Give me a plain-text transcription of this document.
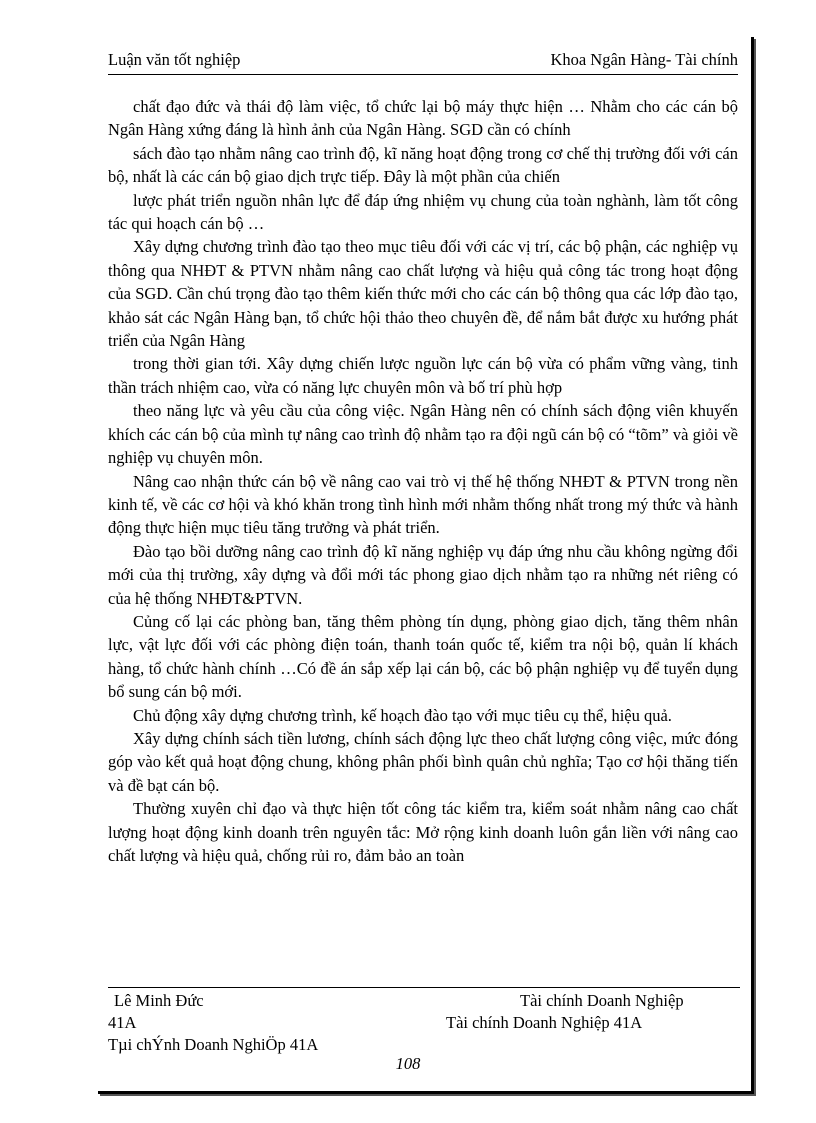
Luận văn tốt nghiệp	Khoa Ngân Hàng- Tài chính

chất đạo đức và thái độ làm việc, tổ chức lại bộ máy thực hiện … Nhằm cho các cán bộ Ngân Hàng xứng đáng là hình ảnh của Ngân Hàng. SGD cần có chính

sách đào tạo nhằm nâng cao trình độ, kĩ năng hoạt động trong cơ chế thị trường đối với cán bộ, nhất là các cán bộ giao dịch trực tiếp. Đây là một phần của chiến

lược phát triển nguồn nhân lực để đáp ứng nhiệm vụ chung của toàn nghành, làm tốt công tác qui hoạch cán bộ …

Xây dựng chương trình đào tạo theo mục tiêu đối với các vị trí, các bộ phận, các nghiệp vụ thông qua NHĐT & PTVN nhằm nâng cao chất lượng và hiệu quả công tác trong hoạt động của SGD. Cần chú trọng đào tạo thêm kiến thức mới cho các cán bộ thông qua các lớp đào tạo, khảo sát các Ngân Hàng bạn, tổ chức hội thảo theo chuyên đề, để nắm bắt được xu hướng phát triển của Ngân Hàng

trong thời gian tới. Xây dựng chiến lược nguồn lực cán bộ vừa có phẩm vững vàng, tinh thần trách nhiệm cao, vừa có năng lực chuyên môn và bố trí phù hợp

theo năng lực và yêu cầu của công việc. Ngân Hàng nên có chính sách động viên khuyến khích các cán bộ của mình tự nâng cao trình độ nhằm tạo ra đội ngũ cán bộ có “tõm” và giỏi về nghiệp vụ chuyên môn.

Nâng cao nhận thức cán bộ về nâng cao vai trò vị thế hệ thống NHĐT & PTVN trong nền kinh tế, về các cơ hội và khó khăn trong tình hình mới nhằm thống nhất trong mý thức và hành động thực hiện mục tiêu tăng trưởng và phát triển.

Đào tạo bồi dưỡng nâng cao trình độ kĩ năng nghiệp vụ đáp ứng nhu cầu không ngừng đổi mới của thị trường, xây dựng và đổi mới tác phong giao dịch nhằm tạo ra những nét riêng có của hệ thống NHĐT&PTVN.

Củng cố lại các phòng ban, tăng thêm phòng tín dụng, phòng giao dịch, tăng thêm nhân lực, vật lực đối với các phòng điện toán, thanh toán quốc tế, kiểm tra nội bộ, quản lí khách hàng, tổ chức hành chính …Có đề án sắp xếp lại cán bộ, các bộ phận nghiệp vụ để tuyển dụng bổ sung cán bộ mới.

Chủ động xây dựng chương trình, kế hoạch đào tạo với mục tiêu cụ thể, hiệu quả.

Xây dựng chính sách tiền lương, chính sách động lực theo chất lượng công việc, mức đóng góp vào kết quả hoạt động chung, không phân phối bình quân chủ nghĩa; Tạo cơ hội thăng tiến và đề bạt cán bộ.

Thường xuyên chỉ đạo và thực hiện tốt công tác kiểm tra, kiểm soát nhằm nâng cao chất lượng hoạt động kinh doanh trên nguyên tắc: Mở rộng kinh doanh luôn gắn liền với nâng cao chất lượng và hiệu quả, chống rủi ro, đảm bảo an toàn

Lê Minh Đức	Tài chính Doanh Nghiệp
41A	Tài chính Doanh Nghiệp 41A
Tµi chÝnh Doanh NghiÖp 41A
108
